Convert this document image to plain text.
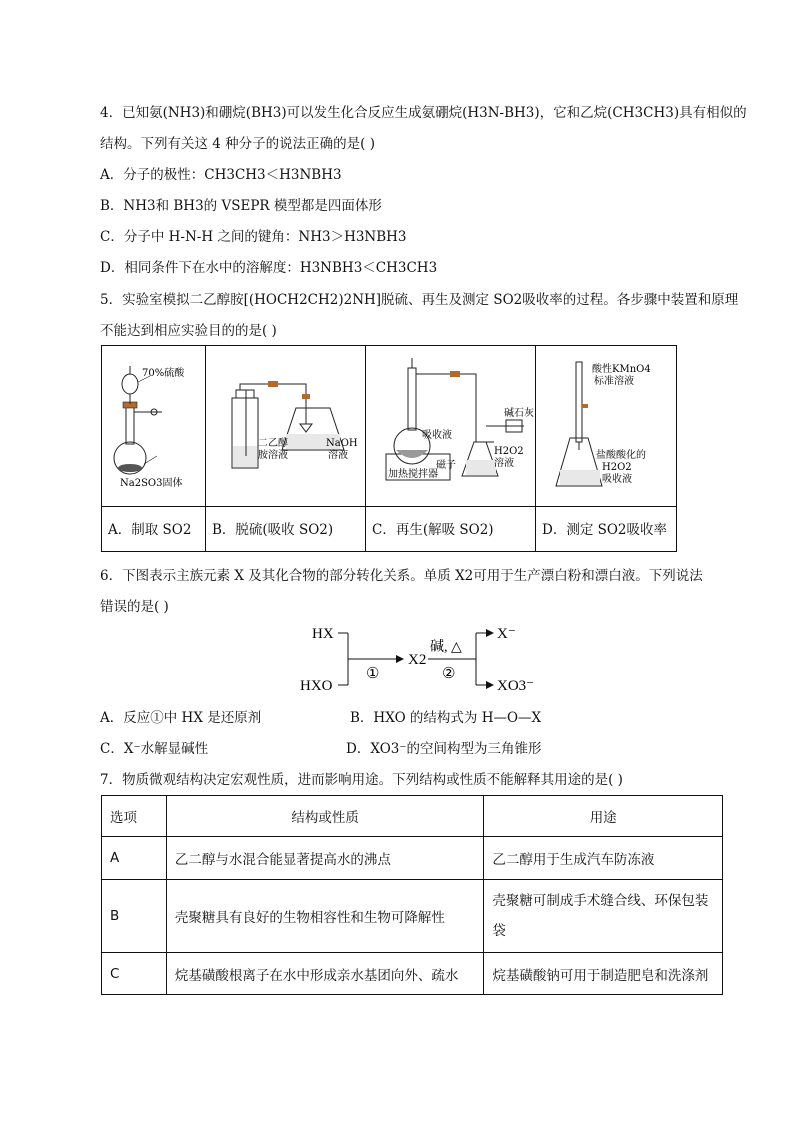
4．已知氨(NH3)和硼烷(BH3)可以发生化合反应生成氨硼烷(H3N-BH3)，它和乙烷(CH3CH3)具有相似的
结构。下列有关这 4 种分子的说法正确的是( )
A．分子的极性：CH3CH3＜H3NBH3
B．NH3和 BH3的 VSEPR 模型都是四面体形
C．分子中 H-N-H 之间的键角：NH3＞H3NBH3
D．相同条件下在水中的溶解度：H3NBH3＜CH3CH3
5．实验室模拟二乙醇胺[(HOCH2CH2)2NH]脱硫、再生及测定 SO2吸收率的过程。各步骤中装置和原理
不能达到相应实验目的的是( )
70%硫酸
Na2SO3固体
二乙醇
胺溶液
NaOH
溶液
吸收液
磁子
加热搅拌器
碱石灰
H2O2
溶液
酸性KMnO4
标准溶液
盐酸酸化的
H2O2
吸收液
A．制取 SO2	B．脱硫(吸收 SO2)	C．再生(解吸 SO2)	D．测定 SO2吸收率
6．下图表示主族元素 X 及其化合物的部分转化关系。单质 X2可用于生产漂白粉和漂白液。下列说法
错误的是( )
HX
HXO
①
X2
碱, △
②
X⁻
XO3⁻
A．反应①中 HX 是还原剂	B．HXO 的结构式为 H—O—X
C．X⁻水解显碱性	D．XO3⁻的空间构型为三角锥形
7．物质微观结构决定宏观性质，进而影响用途。下列结构或性质不能解释其用途的是( )
选项	结构或性质	用途
A	乙二醇与水混合能显著提高水的沸点	乙二醇用于生成汽车防冻液
B	壳聚糖具有良好的生物相容性和生物可降解性	壳聚糖可制成手术缝合线、环保包装袋
C	烷基磺酸根离子在水中形成亲水基团向外、疏水	烷基磺酸钠可用于制造肥皂和洗涤剂
